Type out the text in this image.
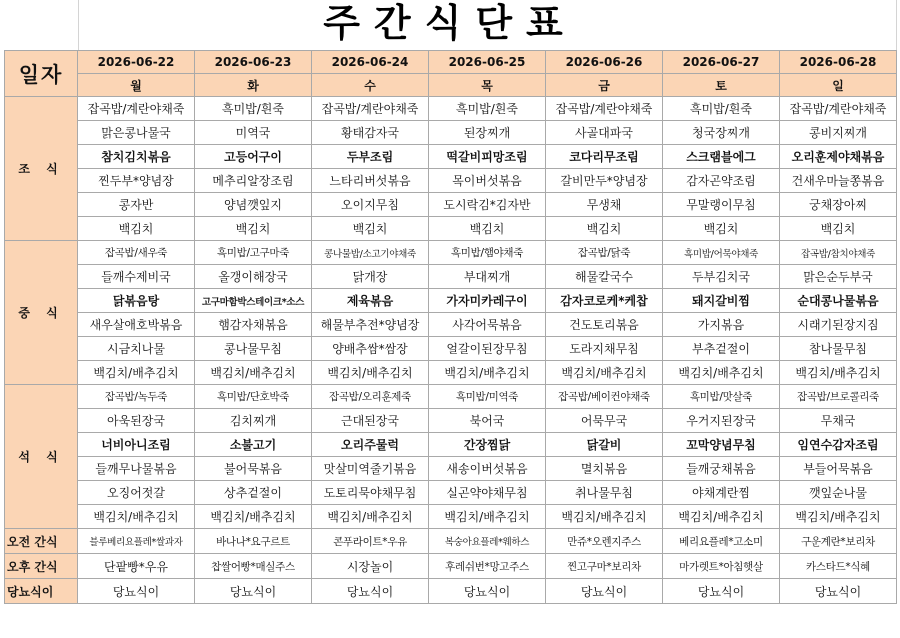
주간식단표
일자	2026-06-22	2026-06-23	2026-06-24	2026-06-25	2026-06-26	2026-06-27	2026-06-28
	월	화	수	목	금	토	일
조 식	잡곡밥/계란야채죽	흑미밥/흰죽	잡곡밥/계란야채죽	흑미밥/흰죽	잡곡밥/계란야채죽	흑미밥/흰죽	잡곡밥/계란야채죽
	맑은콩나물국	미역국	황태감자국	된장찌개	사골대파국	청국장찌개	콩비지찌개
	참치김치볶음	고등어구이	두부조림	떡갈비피망조림	코다리무조림	스크램블에그	오리훈제야채볶음
	찐두부*양념장	메추리알장조림	느타리버섯볶음	목이버섯볶음	갈비만두*양념장	감자곤약조림	건새우마늘쫑볶음
	콩자반	양념깻잎지	오이지무침	도시락김*김자반	무생채	무말랭이무침	궁채장아찌
	백김치	백김치	백김치	백김치	백김치	백김치	백김치
중 식	잡곡밥/새우죽	흑미밥/고구마죽	콩나물밥/소고기야채죽	흑미밥/햄야채죽	잡곡밥/닭죽	흑미밥/어묵야채죽	잡곡밥/참치야채죽
	들깨수제비국	올갱이해장국	닭개장	부대찌개	해물칼국수	두부김치국	맑은순두부국
	닭볶음탕	고구마함박스테이크*소스	제육볶음	가자미카레구이	감자코로케*케찹	돼지갈비찜	순대콩나물볶음
	새우살애호박볶음	햄감자채볶음	해물부추전*양념장	사각어묵볶음	건도토리볶음	가지볶음	시래기된장지짐
	시금치나물	콩나물무침	양배추쌈*쌈장	얼갈이된장무침	도라지채무침	부추겉절이	참나물무침
	백김치/배추김치	백김치/배추김치	백김치/배추김치	백김치/배추김치	백김치/배추김치	백김치/배추김치	백김치/배추김치
석 식	잡곡밥/녹두죽	흑미밥/단호박죽	잡곡밥/오리훈제죽	흑미밥/미역죽	잡곡밥/베이컨야채죽	흑미밥/맛살죽	잡곡밥/브로콜리죽
	아욱된장국	김치찌개	근대된장국	북어국	어묵무국	우거지된장국	무채국
	너비아니조림	소불고기	오리주물럭	간장찜닭	닭갈비	꼬막양념무침	임연수감자조림
	들깨무나물볶음	불어묵볶음	맛살미역줄기볶음	새송이버섯볶음	멸치볶음	들깨궁채볶음	부들어묵볶음
	오징어젓갈	상추겉절이	도토리묵야채무침	실곤약야채무침	취나물무침	야채계란찜	깻잎순나물
	백김치/배추김치	백김치/배추김치	백김치/배추김치	백김치/배추김치	백김치/배추김치	백김치/배추김치	백김치/배추김치
오전 간식	블루베리요플레*쌀과자	바나나*요구르트	콘푸라이트*우유	복숭아요플레*웨하스	만쥬*오렌지주스	베리요플레*고소미	구운계란*보리차
오후 간식	단팥빵*우유	찹쌀어빵*매실주스	시장놀이	후레쉬번*망고주스	찐고구마*보리차	마가렛트*아침햇살	카스타드*식혜
당뇨식이	당뇨식이	당뇨식이	당뇨식이	당뇨식이	당뇨식이	당뇨식이	당뇨식이
